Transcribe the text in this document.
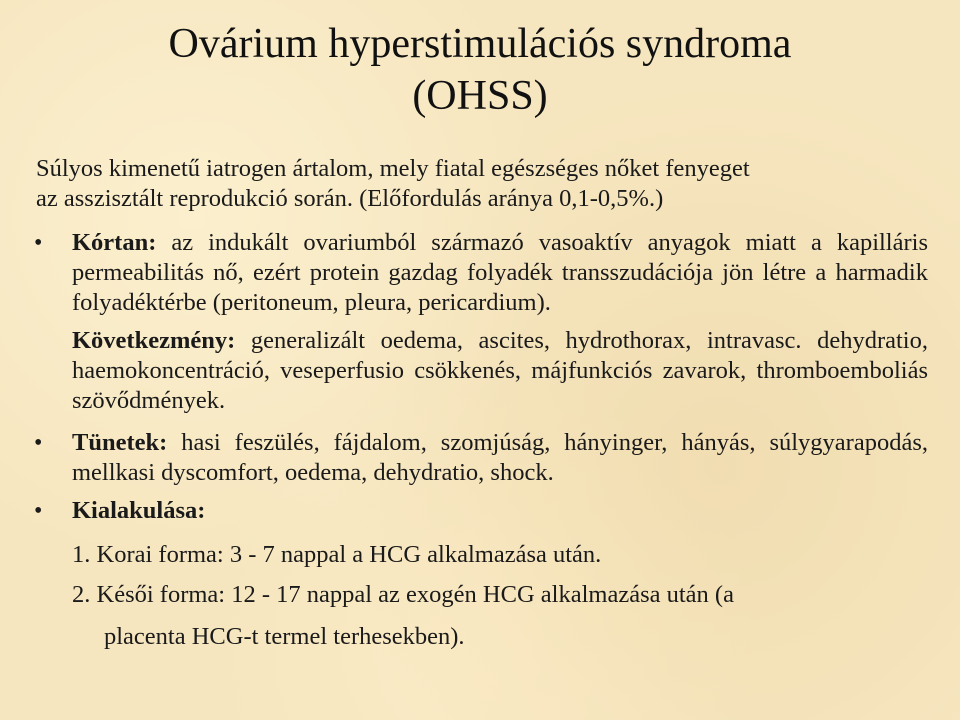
Ovárium hyperstimulációs syndroma
(OHSS)
Súlyos kimenetű iatrogen ártalom, mely fiatal egészséges nőket fenyeget
az asszisztált reprodukció során. (Előfordulás aránya 0,1-0,5%.)
• Kórtan: az indukált ovariumból származó vasoaktív anyagok miatt a kapilláris permeabilitás nő, ezért protein gazdag folyadék transszudációja jön létre a harmadik folyadéktérbe (peritoneum, pleura, pericardium).
Következmény: generalizált oedema, ascites, hydrothorax, intravasc. dehydratio, haemokoncentráció, veseperfusio csökkenés, májfunkciós zavarok, thromboemboliás szövődmények.
• Tünetek: hasi feszülés, fájdalom, szomjúság, hányinger, hányás, súlygyarapodás, mellkasi dyscomfort, oedema, dehydratio, shock.
• Kialakulása:
1. Korai forma: 3 - 7 nappal a HCG alkalmazása után.
2. Késői forma: 12 - 17 nappal az exogén HCG alkalmazása után (a
placenta HCG-t termel terhesekben).
